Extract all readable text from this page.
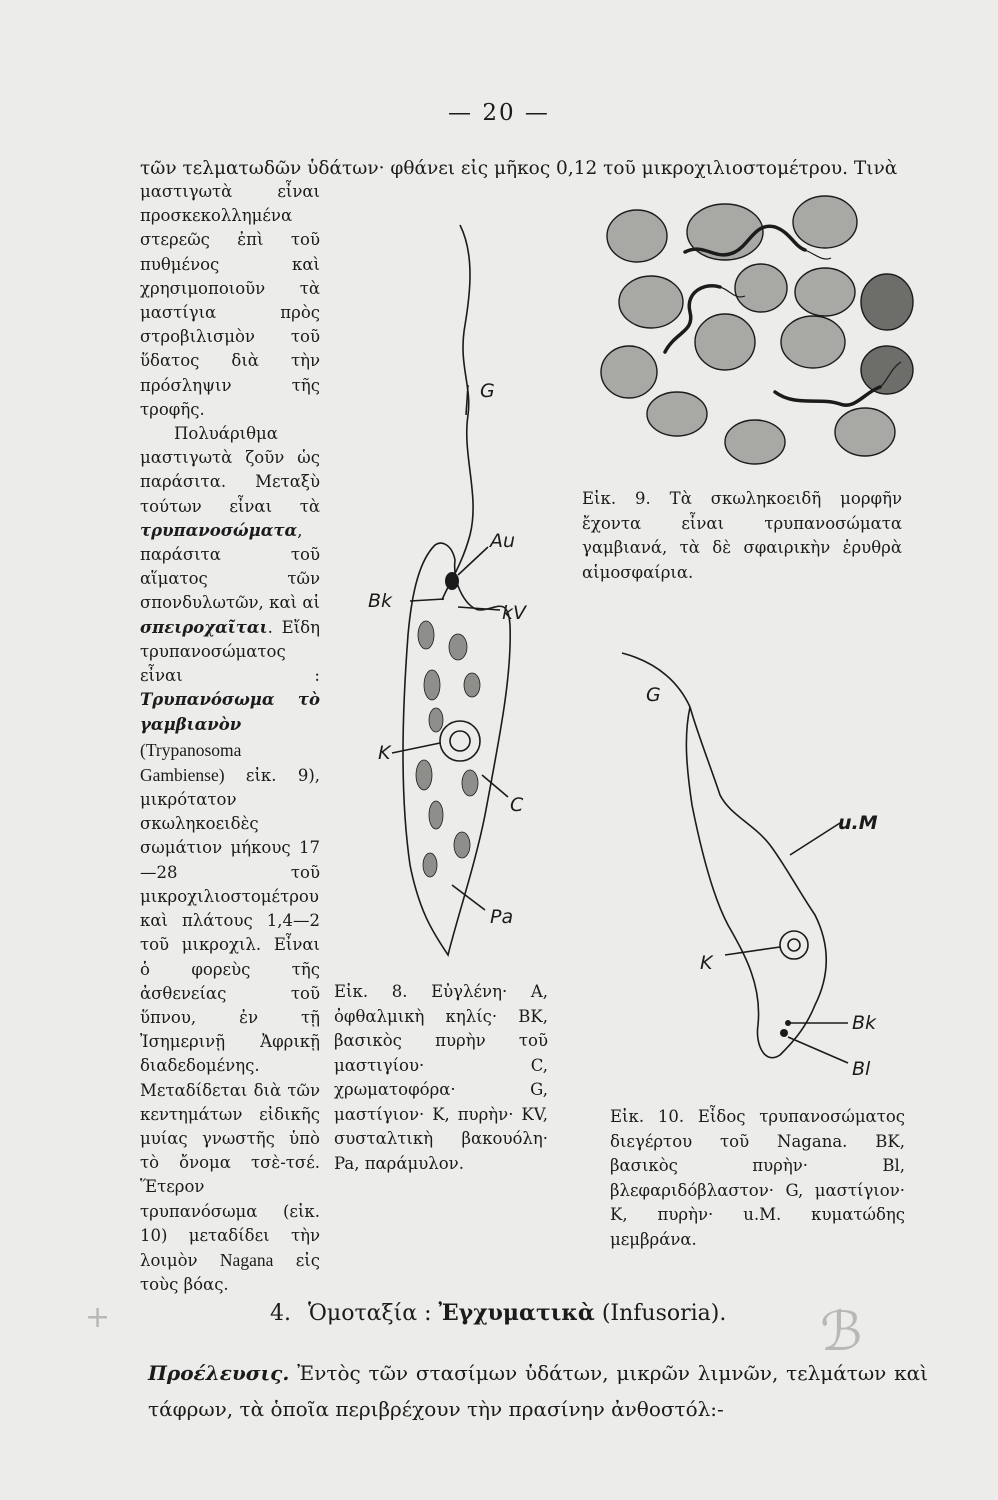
— 20 —
τῶν τελματωδῶν ὑδάτων· φθάνει εἰς μῆκος 0,12 τοῦ μικροχιλιοστομέτρου. Τινὰ

μαστιγωτὰ εἶναι προσκεκολλημένα στερεῶς ἐπὶ τοῦ πυθμένος καὶ χρησιμοποιοῦν τὰ μαστίγια πρὸς στροβιλισμὸν τοῦ ὕδατος διὰ τὴν πρόσληψιν τῆς τροφῆς.

Πολυάριθμα μαστιγωτὰ ζοῦν ὡς παράσιτα. Μεταξὺ τούτων εἶναι τὰ τρυπανοσώματα, παράσιτα τοῦ αἵματος τῶν σπονδυλωτῶν, καὶ αἱ σπειροχαῖται. Εἴδη τρυπανοσώματος εἶναι : Τρυπανόσωμα τὸ γαμβιανὸν (Trypanosoma Gambiense) εἰκ. 9), μικρότατον σκωληκοειδὲς σωμάτιον μήκους 17—28 τοῦ μικροχιλιοστομέτρου καὶ πλάτους 1,4—2 τοῦ μικροχιλ. Εἶναι ὁ φορεὺς τῆς ἀσθενείας τοῦ ὕπνου, ἐν τῇ Ἰσημερινῇ Ἀφρικῇ διαδεδομένης. Μεταδίδεται διὰ τῶν κεντημάτων εἰδικῆς μυίας γνωστῆς ὑπὸ τὸ ὄνομα τσὲ-τσέ. Ἕτερον τρυπανόσωμα (εἰκ. 10) μεταδίδει τὴν λοιμὸν Nagana εἰς τοὺς βόας.

G
Au
Bk
kV
K
C
Pa
Εἰκ. 8. Εὐγλένη· Α, ὀφθαλμικὴ κηλίς· ΒΚ, βασικὸς πυρὴν τοῦ μαστιγίου· C, χρωματοφόρα· G, μαστίγιον· Κ, πυρὴν· ΚV, συσταλτικὴ βακουόλη· Pa, παράμυλον.
Εἰκ. 9. Τὰ σκωληκοειδῆ μορφῆν ἔχοντα εἶναι τρυπανοσώματα γαμβιανά, τὰ δὲ σφαιρικὴν ἐρυθρὰ αἱμοσφαίρια.
G
u.M
K
Bk
Bl
Εἰκ. 10. Εἶδος τρυπανοσώματος διεγέρτου τοῦ Nagana. ΒΚ, βασικὸς πυρὴν· Bl, βλεφαριδόβλαστον· G, μαστίγιον· K, πυρὴν· u.M. κυματώδης μεμβράνα.
4. Ὁμοταξία : Ἐγχυματικὰ (Infusoria).

Προέλευσις. Ἐντὸς τῶν στασίμων ὑδάτων, μικρῶν λιμνῶν, τελμάτων καὶ τάφρων, τὰ ὁποῖα περιβρέχουν τὴν πρασίνην ἀνθοστόλ:-

ℬ
+
